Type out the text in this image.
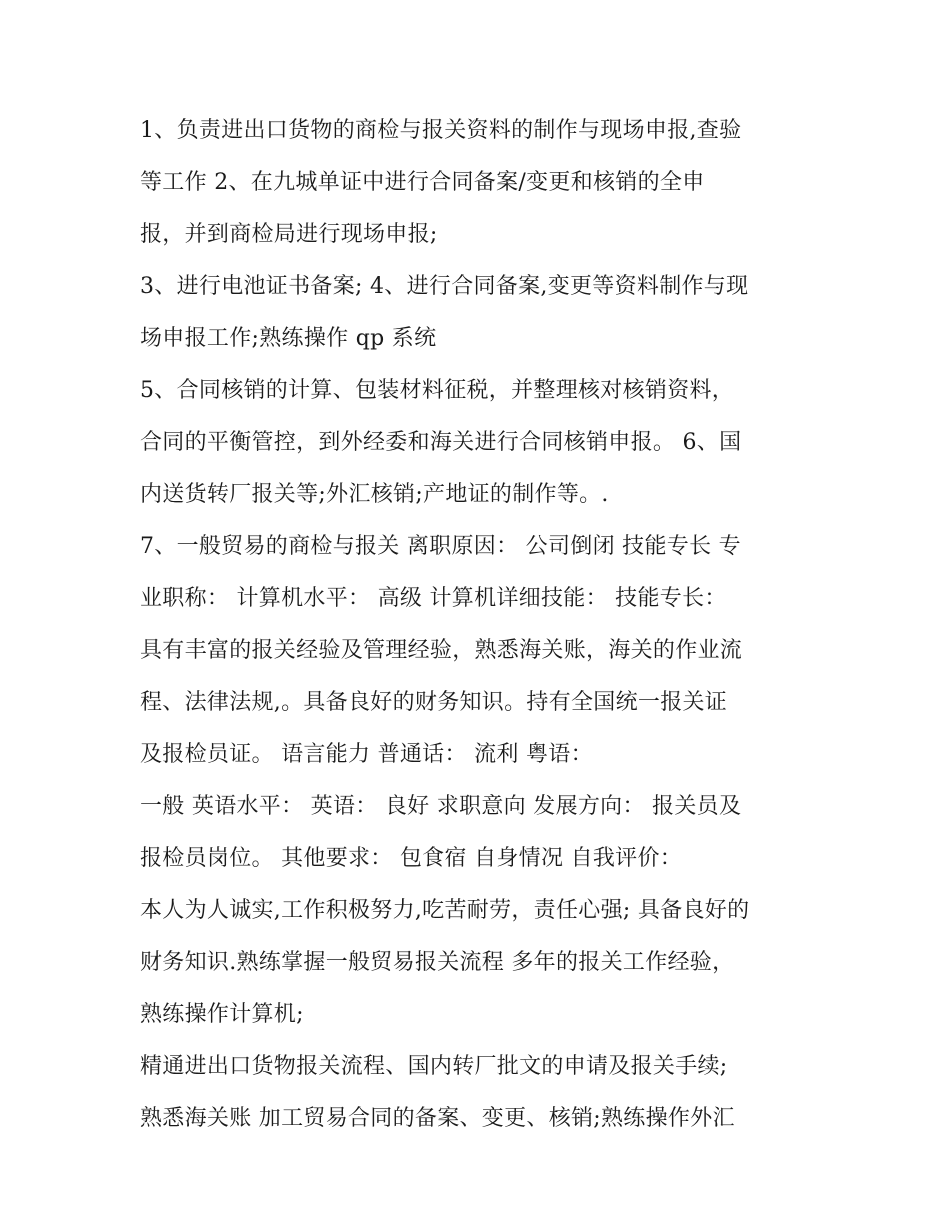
1、负责进出口货物的商检与报关资料的制作与现场申报,查验
等工作 2、在九城单证中进行合同备案/变更和核销的全申
报，并到商检局进行现场申报;
3、进行电池证书备案; 4、进行合同备案,变更等资料制作与现
场申报工作;熟练操作 qp 系统
5、合同核销的计算、包装材料征税，并整理核对核销资料，
合同的平衡管控，到外经委和海关进行合同核销申报。 6、国
内送货转厂报关等;外汇核销;产地证的制作等。.
7、一般贸易的商检与报关 离职原因： 公司倒闭 技能专长 专
业职称： 计算机水平： 高级 计算机详细技能： 技能专长：
具有丰富的报关经验及管理经验，熟悉海关账，海关的作业流
程、法律法规,。具备良好的财务知识。持有全国统一报关证
及报检员证。 语言能力 普通话： 流利 粤语：
一般 英语水平： 英语： 良好 求职意向 发展方向： 报关员及
报检员岗位。 其他要求： 包食宿 自身情况 自我评价：
本人为人诚实,工作积极努力,吃苦耐劳，责任心强; 具备良好的
财务知识.熟练掌握一般贸易报关流程 多年的报关工作经验，
熟练操作计算机;
精通进出口货物报关流程、国内转厂批文的申请及报关手续;
熟悉海关账 加工贸易合同的备案、变更、核销;熟练操作外汇
